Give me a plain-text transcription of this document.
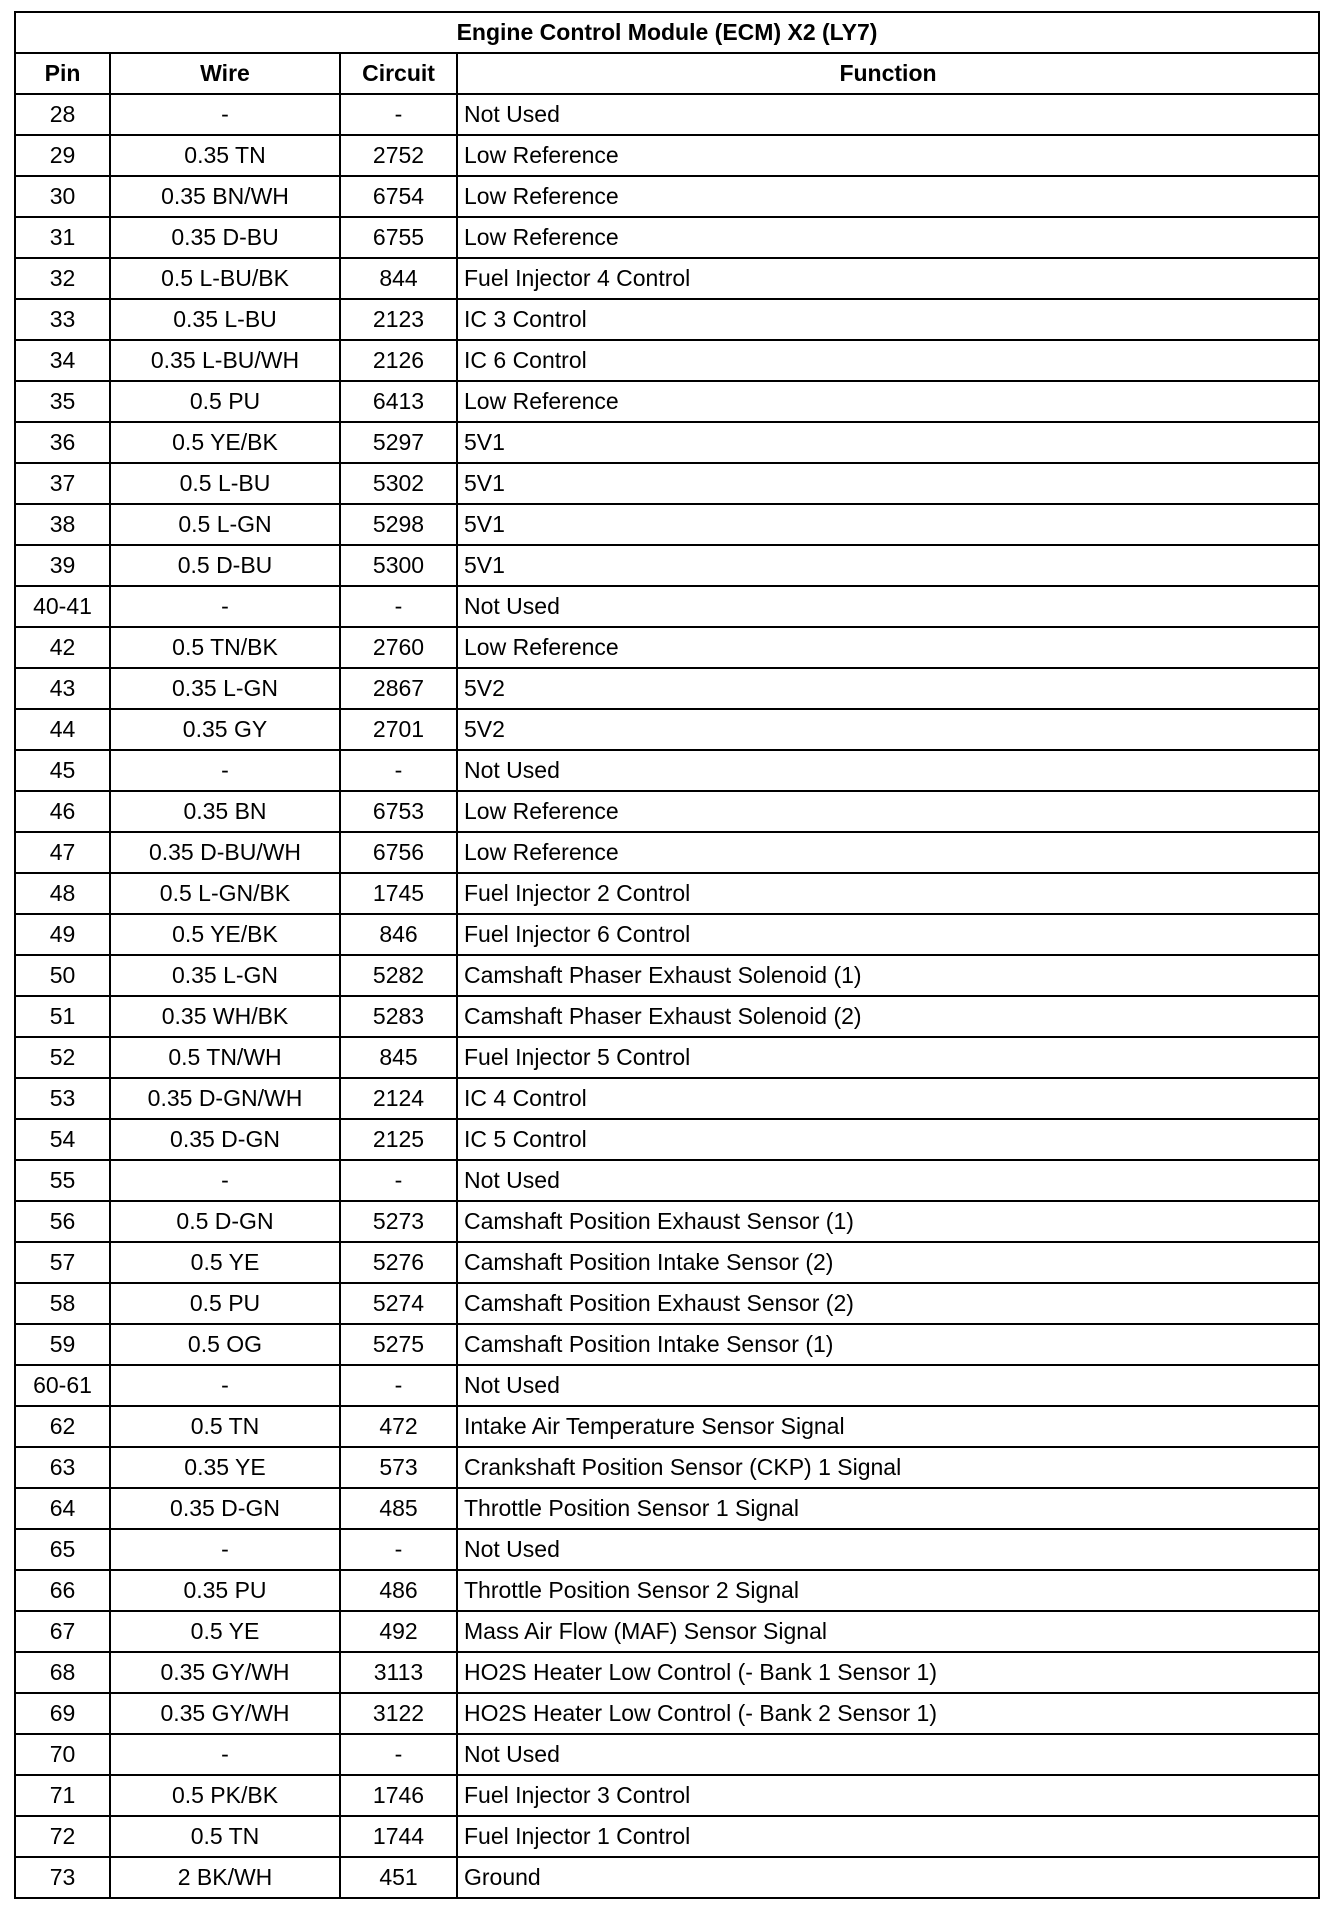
Engine Control Module (ECM) X2 (LY7)			
Pin	Wire	Circuit	Function
28	-	-	Not Used
29	0.35 TN	2752	Low Reference
30	0.35 BN/WH	6754	Low Reference
31	0.35 D-BU	6755	Low Reference
32	0.5 L-BU/BK	844	Fuel Injector 4 Control
33	0.35 L-BU	2123	IC 3 Control
34	0.35 L-BU/WH	2126	IC 6 Control
35	0.5 PU	6413	Low Reference
36	0.5 YE/BK	5297	5V1
37	0.5 L-BU	5302	5V1
38	0.5 L-GN	5298	5V1
39	0.5 D-BU	5300	5V1
40-41	-	-	Not Used
42	0.5 TN/BK	2760	Low Reference
43	0.35 L-GN	2867	5V2
44	0.35 GY	2701	5V2
45	-	-	Not Used
46	0.35 BN	6753	Low Reference
47	0.35 D-BU/WH	6756	Low Reference
48	0.5 L-GN/BK	1745	Fuel Injector 2 Control
49	0.5 YE/BK	846	Fuel Injector 6 Control
50	0.35 L-GN	5282	Camshaft Phaser Exhaust Solenoid (1)
51	0.35 WH/BK	5283	Camshaft Phaser Exhaust Solenoid (2)
52	0.5 TN/WH	845	Fuel Injector 5 Control
53	0.35 D-GN/WH	2124	IC 4 Control
54	0.35 D-GN	2125	IC 5 Control
55	-	-	Not Used
56	0.5 D-GN	5273	Camshaft Position Exhaust Sensor (1)
57	0.5 YE	5276	Camshaft Position Intake Sensor (2)
58	0.5 PU	5274	Camshaft Position Exhaust Sensor (2)
59	0.5 OG	5275	Camshaft Position Intake Sensor (1)
60-61	-	-	Not Used
62	0.5 TN	472	Intake Air Temperature Sensor Signal
63	0.35 YE	573	Crankshaft Position Sensor (CKP) 1 Signal
64	0.35 D-GN	485	Throttle Position Sensor 1 Signal
65	-	-	Not Used
66	0.35 PU	486	Throttle Position Sensor 2 Signal
67	0.5 YE	492	Mass Air Flow (MAF) Sensor Signal
68	0.35 GY/WH	3113	HO2S Heater Low Control (- Bank 1 Sensor 1)
69	0.35 GY/WH	3122	HO2S Heater Low Control (- Bank 2 Sensor 1)
70	-	-	Not Used
71	0.5 PK/BK	1746	Fuel Injector 3 Control
72	0.5 TN	1744	Fuel Injector 1 Control
73	2 BK/WH	451	Ground
